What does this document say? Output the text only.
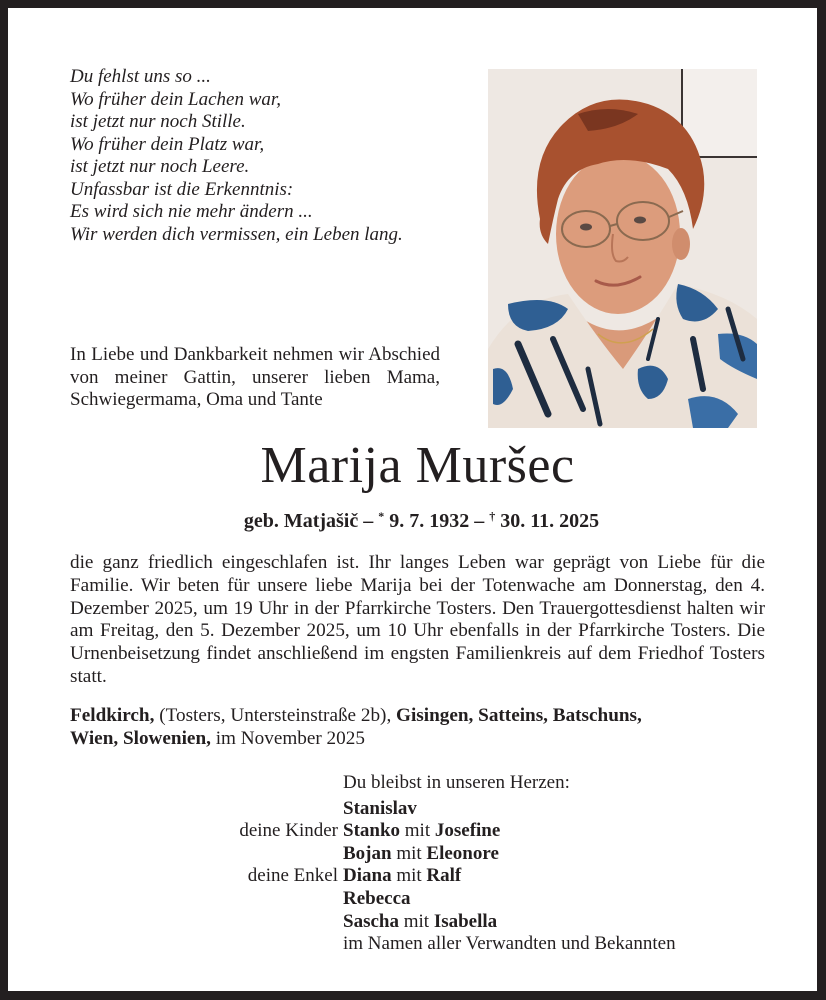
Du fehlst uns so ...
Wo früher dein Lachen war,
ist jetzt nur noch Stille.
Wo früher dein Platz war,
ist jetzt nur noch Leere.
Unfassbar ist die Erkenntnis:
Es wird sich nie mehr ändern ...
Wir werden dich vermissen, ein Leben lang.
In Liebe und Dankbarkeit nehmen wir Abschied von meiner Gattin, unserer lieben Mama, Schwiegermama, Oma und Tante
Marija Muršec
geb. Matjašič – * 9. 7. 1932 – † 30. 11. 2025
die ganz friedlich eingeschlafen ist. Ihr langes Leben war geprägt von Liebe für die Familie. Wir beten für unsere liebe Marija bei der Totenwache am Donnerstag, den 4. Dezember 2025, um 19 Uhr in der Pfarrkirche Tosters. Den Trauergottesdienst halten wir am Freitag, den 5. Dezember 2025, um 10 Uhr ebenfalls in der Pfarrkirche Tosters. Die Urnenbeisetzung findet anschließend im engsten Familienkreis auf dem Friedhof Tosters statt.
Feldkirch, (Tosters, Untersteinstraße 2b), Gisingen, Satteins, Batschuns, Wien, Slowenien, im November 2025
Du bleibst in unseren Herzen:
Stanislav
deine Kinder Stanko mit Josefine
Bojan mit Eleonore
deine Enkel Diana mit Ralf
Rebecca
Sascha mit Isabella
im Namen aller Verwandten und Bekannten
